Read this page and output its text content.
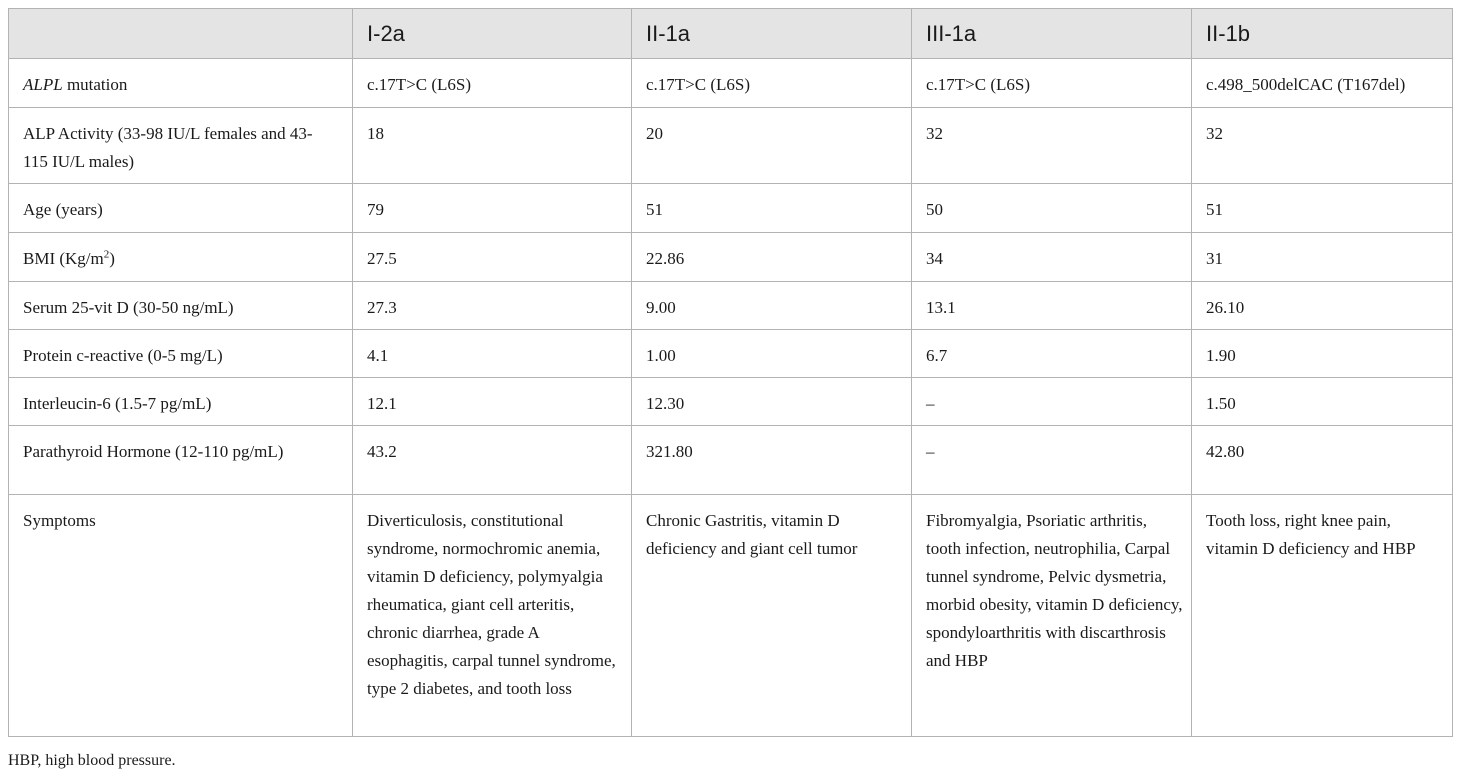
	I-2a	II-1a	III-1a	II-1b
ALPL mutation	c.17T>C (L6S)	c.17T>C (L6S)	c.17T>C (L6S)	c.498_500delCAC (T167del)
ALP Activity (33-98 IU/L females and 43-115 IU/L males)	18	20	32	32
Age (years)	79	51	50	51
BMI $(Kg/m^2)$	27.5	22.86	34	31
Serum 25-vit D (30-50 ng/mL)	27.3	9.00	13.1	26.10
Protein c-reactive (0-5 mg/L)	4.1	1.00	6.7	1.90
Interleucin-6 (1.5-7 pg/mL)	12.1	12.30	–	1.50
Parathyroid Hormone (12-110 pg/mL)	43.2	321.80	–	42.80
Symptoms	Diverticulosis, constitutional syndrome, normochromic anemia, vitamin D deficiency, polymyalgia rheumatica, giant cell arteritis, chronic diarrhea, grade A esophagitis, carpal tunnel syndrome, type 2 diabetes, and tooth loss	Chronic Gastritis, vitamin D deficiency and giant cell tumor	Fibromyalgia, Psoriatic arthritis, tooth infection, neutrophilia, Carpal tunnel syndrome, Pelvic dysmetria, morbid obesity, vitamin D deficiency, spondyloarthritis with discarthrosis and HBP	Tooth loss, right knee pain, vitamin D deficiency and HBP
HBP, high blood pressure.
